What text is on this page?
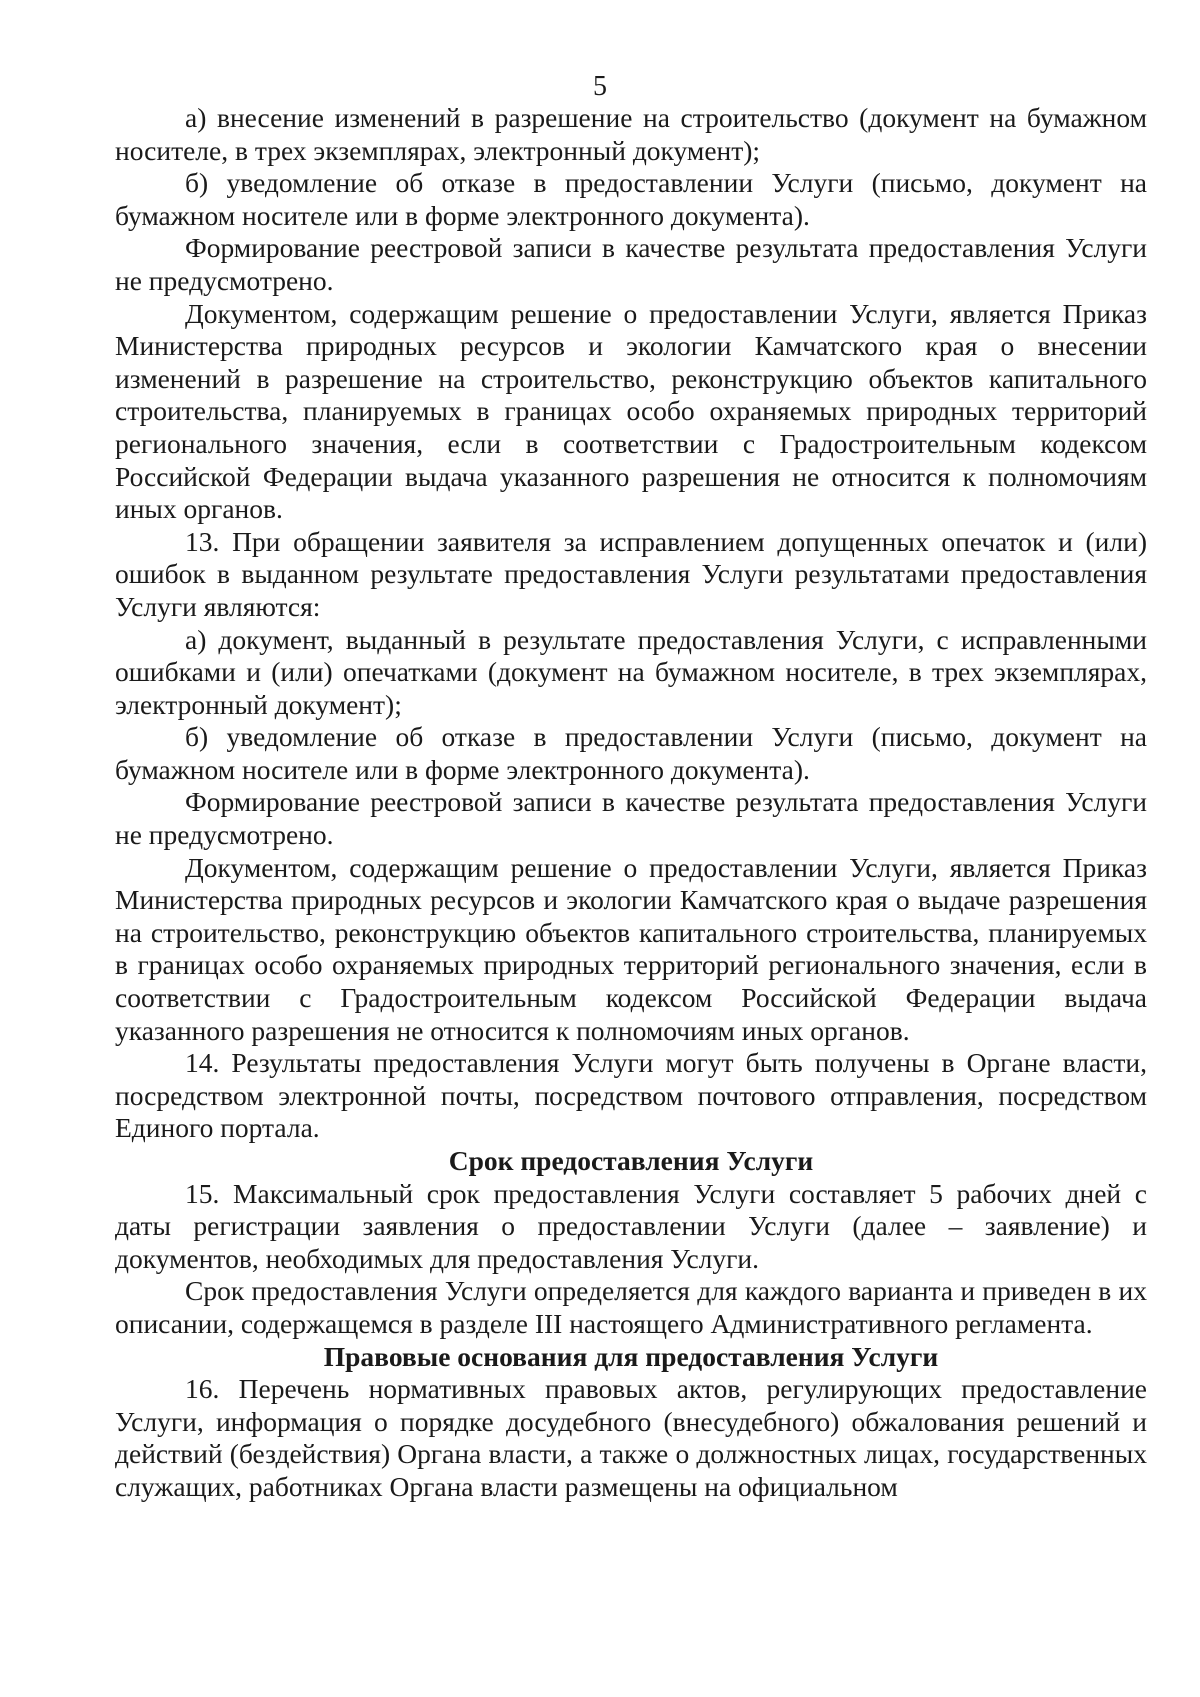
5

а) внесение изменений в разрешение на строительство (документ на бумажном носителе, в трех экземплярах, электронный документ);

б) уведомление об отказе в предоставлении Услуги (письмо, документ на бумажном носителе или в форме электронного документа).

Формирование реестровой записи в качестве результата предоставления Услуги не предусмотрено.

Документом, содержащим решение о предоставлении Услуги, является Приказ Министерства природных ресурсов и экологии Камчатского края о внесении изменений в разрешение на строительство, реконструкцию объектов капитального строительства, планируемых в границах особо охраняемых природных территорий регионального значения, если в соответствии с Градостроительным кодексом Российской Федерации выдача указанного разрешения не относится к полномочиям иных органов.

13. При обращении заявителя за исправлением допущенных опечаток и (или) ошибок в выданном результате предоставления Услуги результатами предоставления Услуги являются:

а) документ, выданный в результате предоставления Услуги, с исправленными ошибками и (или) опечатками (документ на бумажном носителе, в трех экземплярах, электронный документ);

б) уведомление об отказе в предоставлении Услуги (письмо, документ на бумажном носителе или в форме электронного документа).

Формирование реестровой записи в качестве результата предоставления Услуги не предусмотрено.

Документом, содержащим решение о предоставлении Услуги, является Приказ Министерства природных ресурсов и экологии Камчатского края о выдаче разрешения на строительство, реконструкцию объектов капитального строительства, планируемых в границах особо охраняемых природных территорий регионального значения, если в соответствии с Градостроительным кодексом Российской Федерации выдача указанного разрешения не относится к полномочиям иных органов.

14. Результаты предоставления Услуги могут быть получены в Органе власти, посредством электронной почты, посредством почтового отправления, посредством Единого портала.

Срок предоставления Услуги

15. Максимальный срок предоставления Услуги составляет 5 рабочих дней с даты регистрации заявления о предоставлении Услуги (далее – заявление) и документов, необходимых для предоставления Услуги.

Срок предоставления Услуги определяется для каждого варианта и приведен в их описании, содержащемся в разделе III настоящего Административного регламента.

Правовые основания для предоставления Услуги

16. Перечень нормативных правовых актов, регулирующих предоставление Услуги, информация о порядке досудебного (внесудебного) обжалования решений и действий (бездействия) Органа власти, а также о должностных лицах, государственных служащих, работниках Органа власти размещены на официальном
